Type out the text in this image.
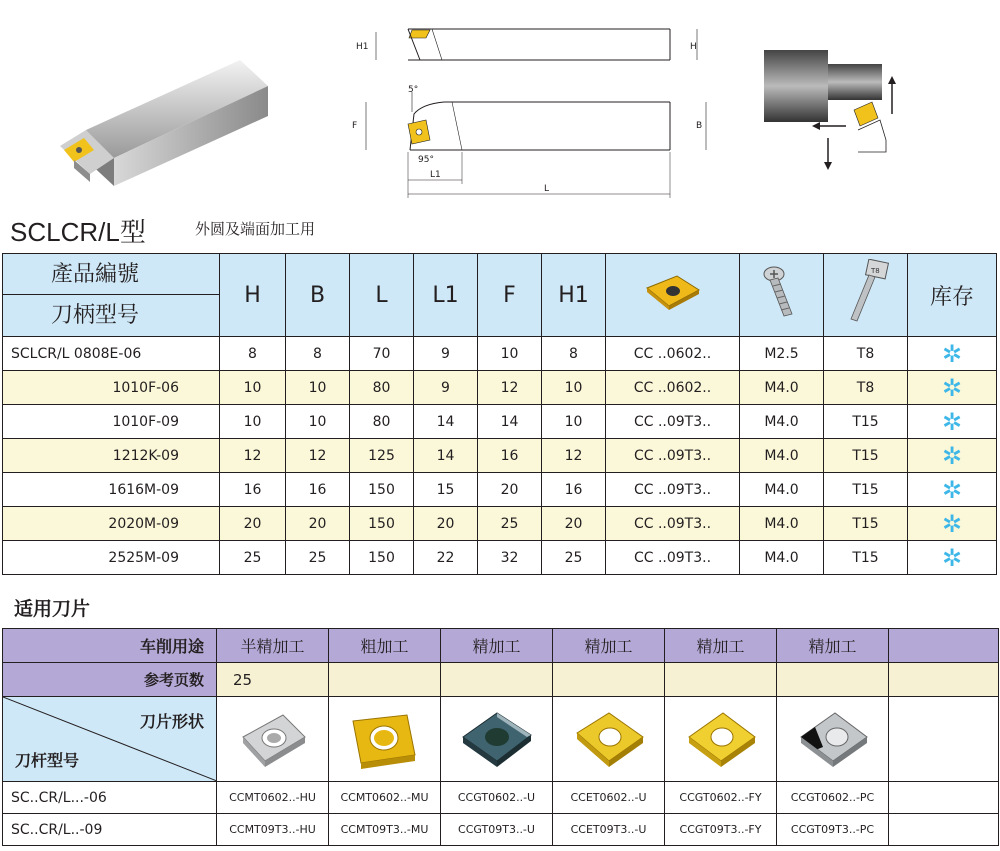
H1	H
5°
F
95°
B
L1
L
SCLCR/L型	外圆及端面加工用
產品編號
刀柄型号	H	B	L	L1	F	H1			T8	库存
SCLCR/L 0808E-06	8	8	70	9	10	8	CC ..0602..	M2.5	T8	✲
1010F-06	10	10	80	9	12	10	CC ..0602..	M4.0	T8	✲
1010F-09	10	10	80	14	14	10	CC ..09T3..	M4.0	T15	✲
1212K-09	12	12	125	14	16	12	CC ..09T3..	M4.0	T15	✲
1616M-09	16	16	150	15	20	16	CC ..09T3..	M4.0	T15	✲
2020M-09	20	20	150	20	25	20	CC ..09T3..	M4.0	T15	✲
2525M-09	25	25	150	22	32	25	CC ..09T3..	M4.0	T15	✲
适用刀片
车削用途	半精加工	粗加工	精加工	精加工	精加工	精加工	
参考页数	25						

刀片形状
刀杆型号

SC..CR/L...-06	CCMT0602..-HU	CCMT0602..-MU	CCGT0602..-U	CCET0602..-U	CCGT0602..-FY	CCGT0602..-PC	
SC..CR/L..-09	CCMT09T3..-HU	CCMT09T3..-MU	CCGT09T3..-U	CCET09T3..-U	CCGT09T3..-FY	CCGT09T3..-PC	
